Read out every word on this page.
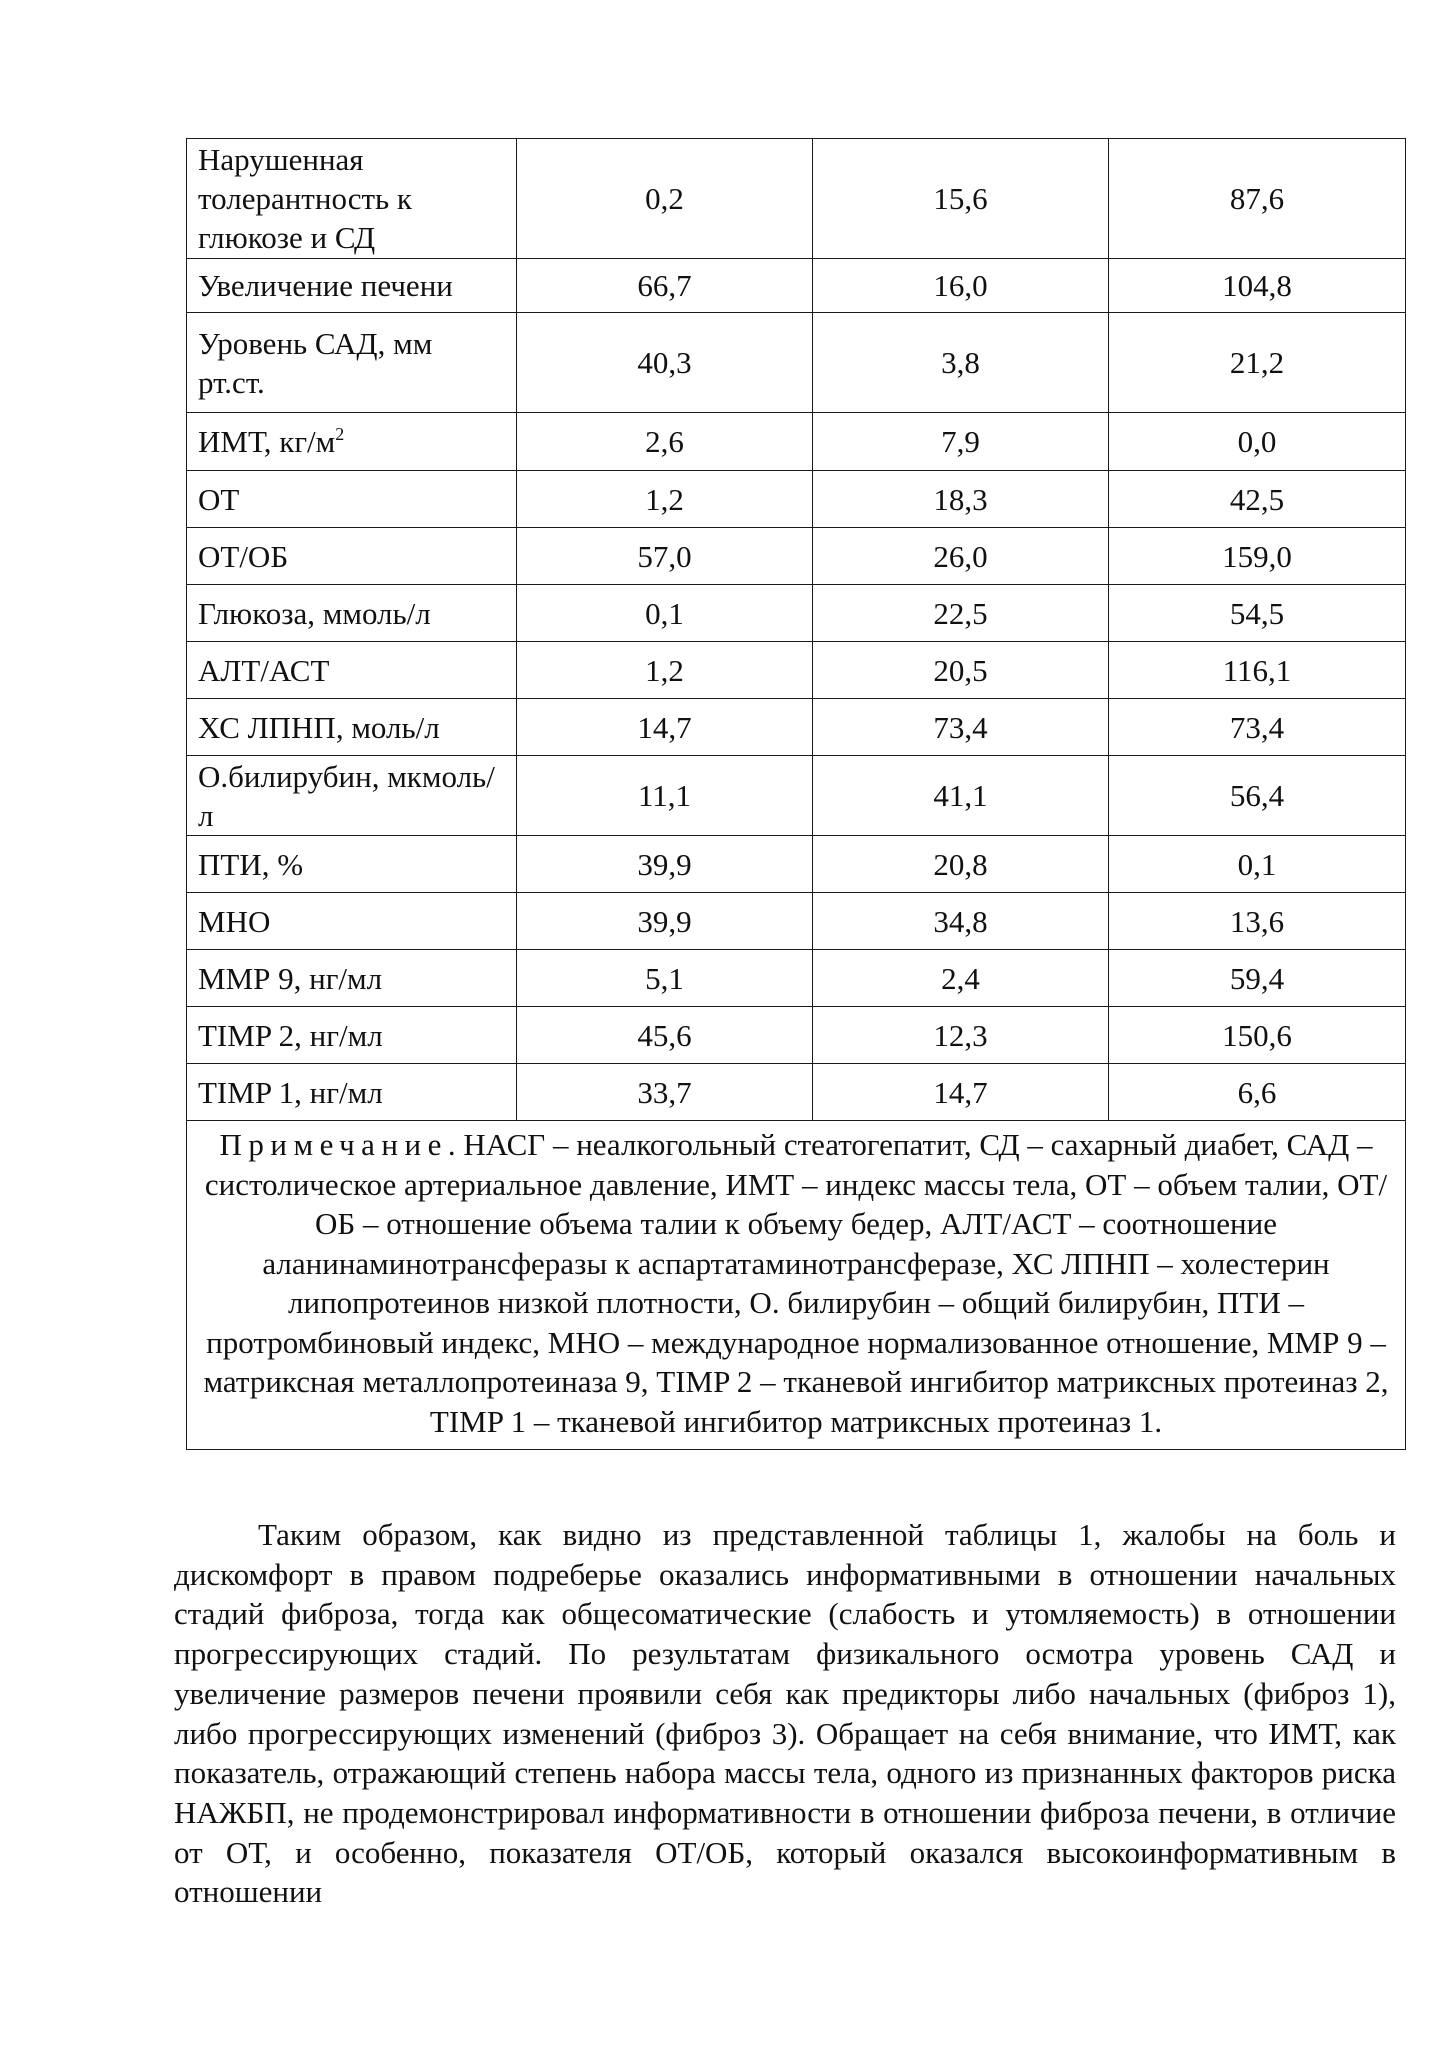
Нарушенная толерантность к глюкозе и СД	0,2	15,6	87,6
Увеличение печени	66,7	16,0	104,8
Уровень САД, мм рт.ст.	40,3	3,8	21,2
ИМТ, $кг/м^2$	2,6	7,9	0,0
ОТ	1,2	18,3	42,5
ОТ/ОБ	57,0	26,0	159,0
Глюкоза, ммоль/л	0,1	22,5	54,5
АЛТ/АСТ	1,2	20,5	116,1
ХС ЛПНП, моль/л	14,7	73,4	73,4
О.билирубин, мкмоль/л	11,1	41,1	56,4
ПТИ, %	39,9	20,8	0,1
МНО	39,9	34,8	13,6
ММР 9, нг/мл	5,1	2,4	59,4
TIMP 2, нг/мл	45,6	12,3	150,6
TIMP 1, нг/мл	33,7	14,7	6,6
Примечание. НАСГ – неалкогольный стеатогепатит, СД – сахарный диабет, САД – систолическое артериальное давление, ИМТ – индекс массы тела, ОТ – объем талии, ОТ/ОБ – отношение объема талии к объему бедер, АЛТ/АСТ – соотношение аланинаминотрансферазы к аспартатаминотрансферазе, ХС ЛПНП – холестерин липопротеинов низкой плотности, О. билирубин – общий билирубин, ПТИ – протромбиновый индекс, МНО – международное нормализованное отношение, ММР 9 – матриксная металлопротеиназа 9, TIMP 2 – тканевой ингибитор матриксных протеиназ 2, TIMP 1 – тканевой ингибитор матриксных протеиназ 1.			

Таким образом, как видно из представленной таблицы 1, жалобы на боль и дискомфорт в правом подреберье оказались информативными в отношении начальных стадий фиброза, тогда как общесоматические (слабость и утомляемость) в отношении прогрессирующих стадий. По результатам физикального осмотра уровень САД и увеличение размеров печени проявили себя как предикторы либо начальных (фиброз 1), либо прогрессирующих изменений (фиброз 3). Обращает на себя внимание, что ИМТ, как показатель, отражающий степень набора массы тела, одного из признанных факторов риска НАЖБП, не продемонстрировал информативности в отношении фиброза печени, в отличие от ОТ, и особенно, показателя ОТ/ОБ, который оказался высокоинформативным в отношении
